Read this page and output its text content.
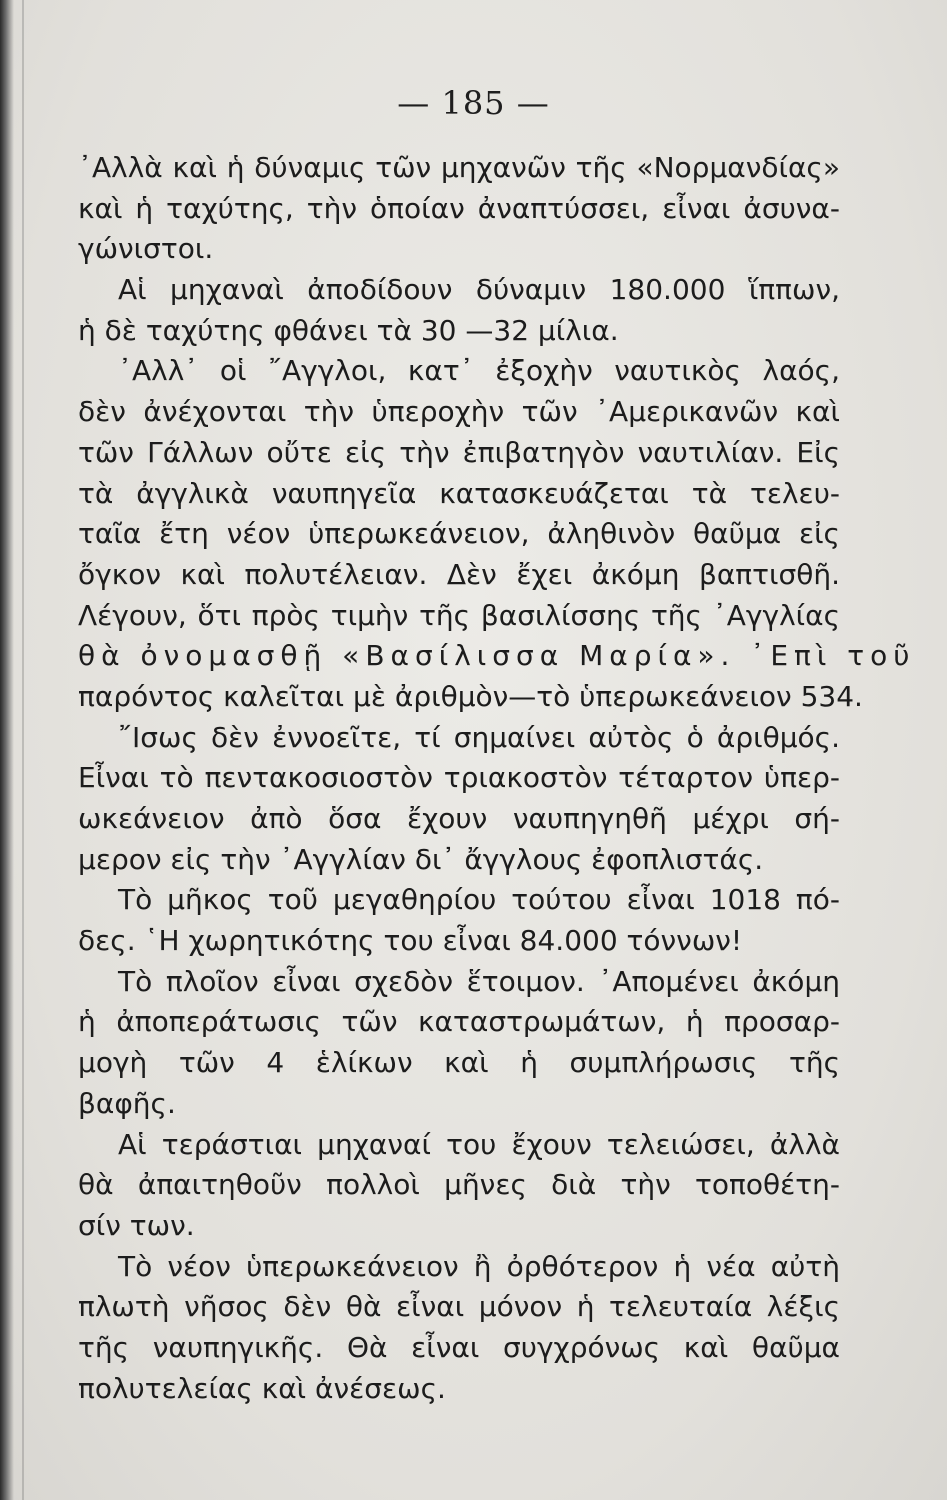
— 185 —
᾿Αλλὰ καὶ ἡ δύναμις τῶν μηχανῶν τῆς «Νορμανδίας»
καὶ ἡ ταχύτης, τὴν ὁποίαν ἀναπτύσσει, εἶναι ἀσυνα-
γώνιστοι.
Αἱ μηχαναὶ ἀποδίδουν δύναμιν 180.000 ἵππων,
ἡ δὲ ταχύτης φθάνει τὰ 30 —32 μίλια.
᾿Αλλ᾿ οἱ ῎Αγγλοι, κατ᾿ ἐξοχὴν ναυτικὸς λαός,
δὲν ἀνέχονται τὴν ὑπεροχὴν τῶν ᾿Αμερικανῶν καὶ
τῶν Γάλλων οὔτε εἰς τὴν ἐπιβατηγὸν ναυτιλίαν. Εἰς
τὰ ἀγγλικὰ ναυπηγεῖα κατασκευάζεται τὰ τελευ-
ταῖα ἔτη νέον ὑπερωκεάνειον, ἀληθινὸν θαῦμα εἰς
ὄγκον καὶ πολυτέλειαν. Δὲν ἔχει ἀκόμη βαπτισθῆ.
Λέγουν, ὅτι πρὸς τιμὴν τῆς βασιλίσσης τῆς ᾿Αγγλίας
θὰ ὀνομασθῇ «Βασίλισσα Μαρία». ᾿Επὶ τοῦ
παρόντος καλεῖται μὲ ἀριθμὸν—τὸ ὑπερωκεάνειον 534.
῎Ισως δὲν ἐννοεῖτε, τί σημαίνει αὐτὸς ὁ ἀριθμός.
Εἶναι τὸ πεντακοσιοστὸν τριακοστὸν τέταρτον ὑπερ-
ωκεάνειον ἀπὸ ὅσα ἔχουν ναυπηγηθῆ μέχρι σή-
μερον εἰς τὴν ᾿Αγγλίαν δι᾿ ἄγγλους ἐφοπλιστάς.
Τὸ μῆκος τοῦ μεγαθηρίου τούτου εἶναι 1018 πό-
δες. ῾Η χωρητικότης του εἶναι 84.000 τόννων!
Τὸ πλοῖον εἶναι σχεδὸν ἕτοιμον. ᾿Απομένει ἀκόμη
ἡ ἀποπεράτωσις τῶν καταστρωμάτων, ἡ προσαρ-
μογὴ τῶν 4 ἑλίκων καὶ ἡ συμπλήρωσις τῆς
βαφῆς.
Αἱ τεράστιαι μηχαναί του ἔχουν τελειώσει, ἀλλὰ
θὰ ἀπαιτηθοῦν πολλοὶ μῆνες διὰ τὴν τοποθέτη-
σίν των.
Τὸ νέον ὑπερωκεάνειον ἢ ὀρθότερον ἡ νέα αὐτὴ
πλωτὴ νῆσος δὲν θὰ εἶναι μόνον ἡ τελευταία λέξις
τῆς ναυπηγικῆς. Θὰ εἶναι συγχρόνως καὶ θαῦμα
πολυτελείας καὶ ἀνέσεως.
